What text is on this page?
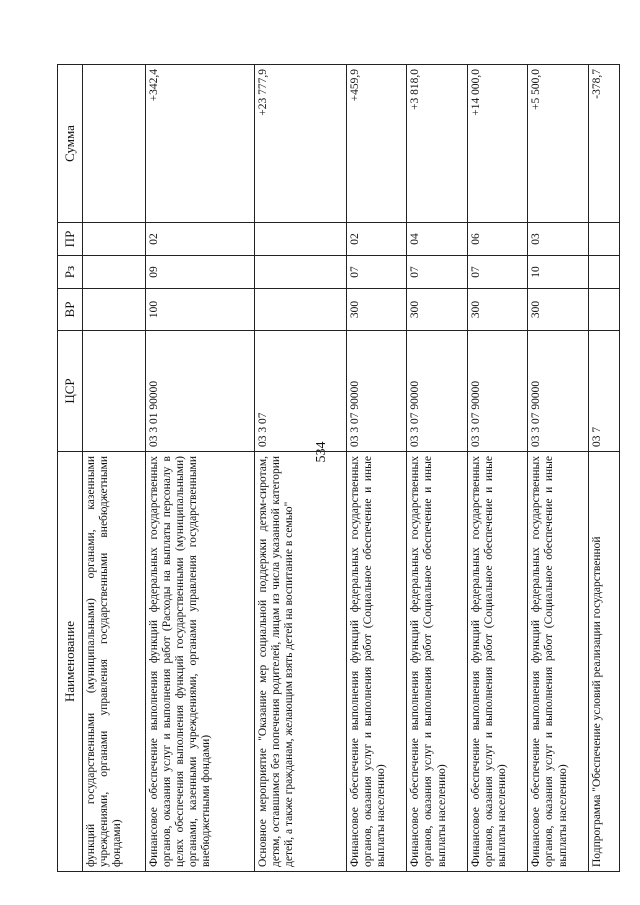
534
Наименование	ЦСР	ВР	Рз	ПР	Сумма
функций государственными (муниципальными) органами, казенными учреждениями, органами управления государственными внебюджетными фондами)					
Финансовое обеспечение выполнения функций федеральных государственных органов, оказания услуг и выполнения работ (Расходы на выплаты персоналу в целях обеспечения выполнения функций государственными (муниципальными) органами, казенными учреждениями, органами управления государственными внебюджетными фондами)	03 3 01 90000	100	09	02	+342,4
Основное мероприятие "Оказание мер социальной поддержки детям-сиротам, детям, оставшимся без попечения родителей, лицам из числа указанной категории детей, а также гражданам, желающим взять детей на воспитание в семью"	03 3 07				+23 777,9
Финансовое обеспечение выполнения функций федеральных государственных органов, оказания услуг и выполнения работ (Социальное обеспечение и иные выплаты населению)	03 3 07 90000	300	07	02	+459,9
Финансовое обеспечение выполнения функций федеральных государственных органов, оказания услуг и выполнения работ (Социальное обеспечение и иные выплаты населению)	03 3 07 90000	300	07	04	+3 818,0
Финансовое обеспечение выполнения функций федеральных государственных органов, оказания услуг и выполнения работ (Социальное обеспечение и иные выплаты населению)	03 3 07 90000	300	07	06	+14 000,0
Финансовое обеспечение выполнения функций федеральных государственных органов, оказания услуг и выполнения работ (Социальное обеспечение и иные выплаты населению)	03 3 07 90000	300	10	03	+5 500,0
Подпрограмма "Обеспечение условий реализации государственной	03 7				-378,7
